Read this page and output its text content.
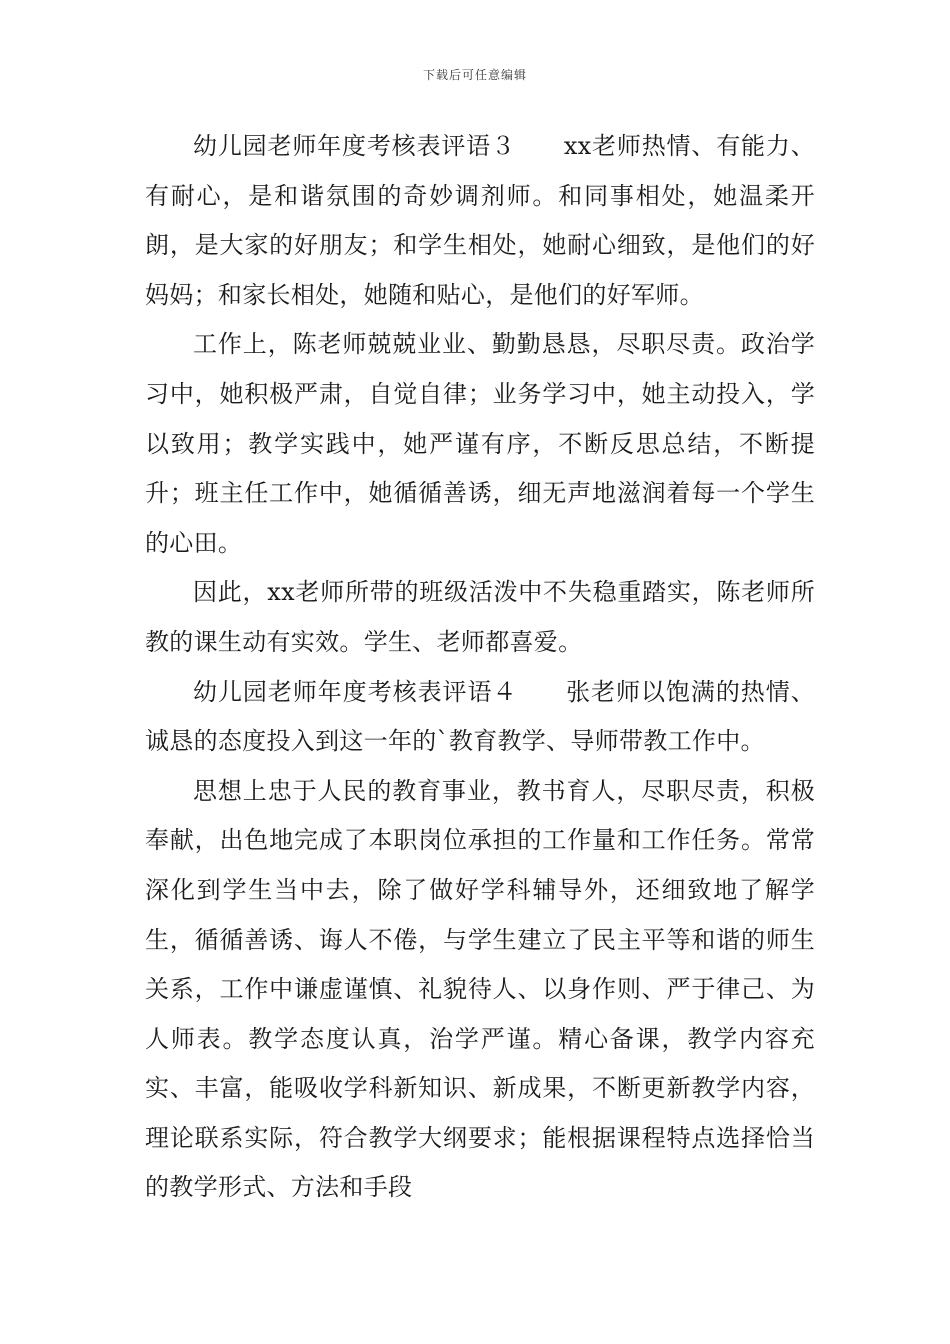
下载后可任意编辑

幼儿园老师年度考核表评语３ xx老师热情、有能力、有耐心，是和谐氛围的奇妙调剂师。和同事相处，她温柔开朗，是大家的好朋友；和学生相处，她耐心细致，是他们的好妈妈；和家长相处，她随和贴心，是他们的好军师。

工作上，陈老师兢兢业业、勤勤恳恳，尽职尽责。政治学习中，她积极严肃，自觉自律；业务学习中，她主动投入，学以致用；教学实践中，她严谨有序，不断反思总结，不断提升；班主任工作中，她循循善诱，细无声地滋润着每一个学生的心田。

因此，xx老师所带的班级活泼中不失稳重踏实，陈老师所教的课生动有实效。学生、老师都喜爱。

幼儿园老师年度考核表评语４ 张老师以饱满的热情、诚恳的态度投入到这一年的`教育教学、导师带教工作中。

思想上忠于人民的教育事业，教书育人，尽职尽责，积极奉献，出色地完成了本职岗位承担的工作量和工作任务。常常深化到学生当中去，除了做好学科辅导外，还细致地了解学生，循循善诱、诲人不倦，与学生建立了民主平等和谐的师生关系，工作中谦虚谨慎、礼貌待人、以身作则、严于律己、为人师表。教学态度认真，治学严谨。精心备课，教学内容充实、丰富，能吸收学科新知识、新成果，不断更新教学内容，理论联系实际，符合教学大纲要求；能根据课程特点选择恰当的教学形式、方法和手段
